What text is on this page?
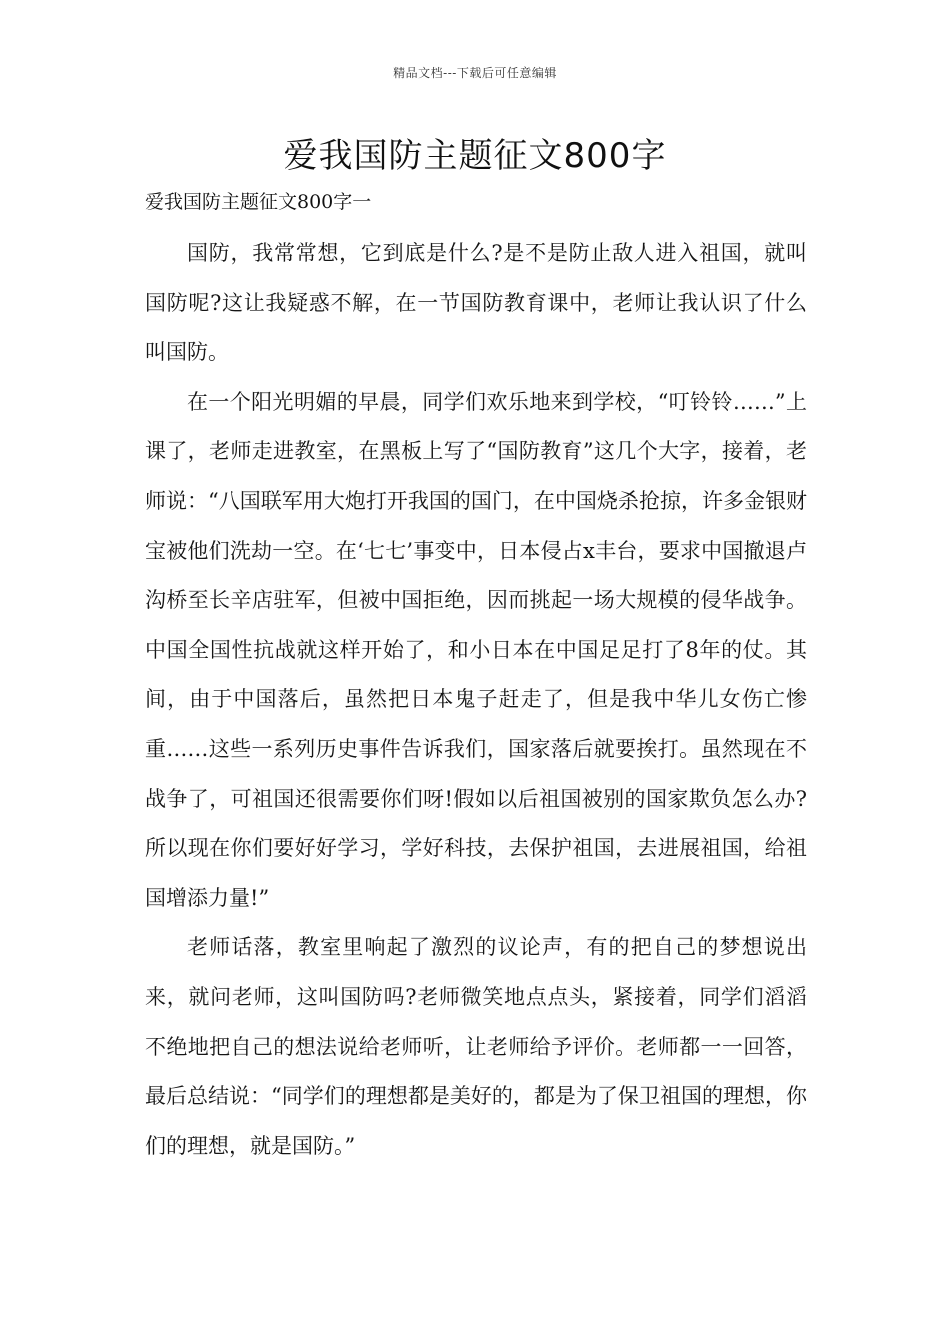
精品文档---下载后可任意编辑
爱我国防主题征文800字
爱我国防主题征文800字一

国防，我常常想，它到底是什么?是不是防止敌人进入祖国，就叫国防呢?这让我疑惑不解，在一节国防教育课中，老师让我认识了什么叫国防。

在一个阳光明媚的早晨，同学们欢乐地来到学校，“叮铃铃……”上课了，老师走进教室，在黑板上写了“国防教育”这几个大字，接着，老师说：“八国联军用大炮打开我国的国门，在中国烧杀抢掠，许多金银财宝被他们洗劫一空。在‘七七’事变中，日本侵占x丰台，要求中国撤退卢沟桥至长辛店驻军，但被中国拒绝，因而挑起一场大规模的侵华战争。中国全国性抗战就这样开始了，和小日本在中国足足打了8年的仗。其间，由于中国落后，虽然把日本鬼子赶走了，但是我中华儿女伤亡惨重……这些一系列历史事件告诉我们，国家落后就要挨打。虽然现在不战争了，可祖国还很需要你们呀!假如以后祖国被别的国家欺负怎么办?所以现在你们要好好学习，学好科技，去保护祖国，去进展祖国，给祖国增添力量!”

老师话落，教室里响起了激烈的议论声，有的把自己的梦想说出来，就问老师，这叫国防吗?老师微笑地点点头，紧接着，同学们滔滔不绝地把自己的想法说给老师听，让老师给予评价。老师都一一回答，最后总结说：“同学们的理想都是美好的，都是为了保卫祖国的理想，你们的理想，就是国防。”
